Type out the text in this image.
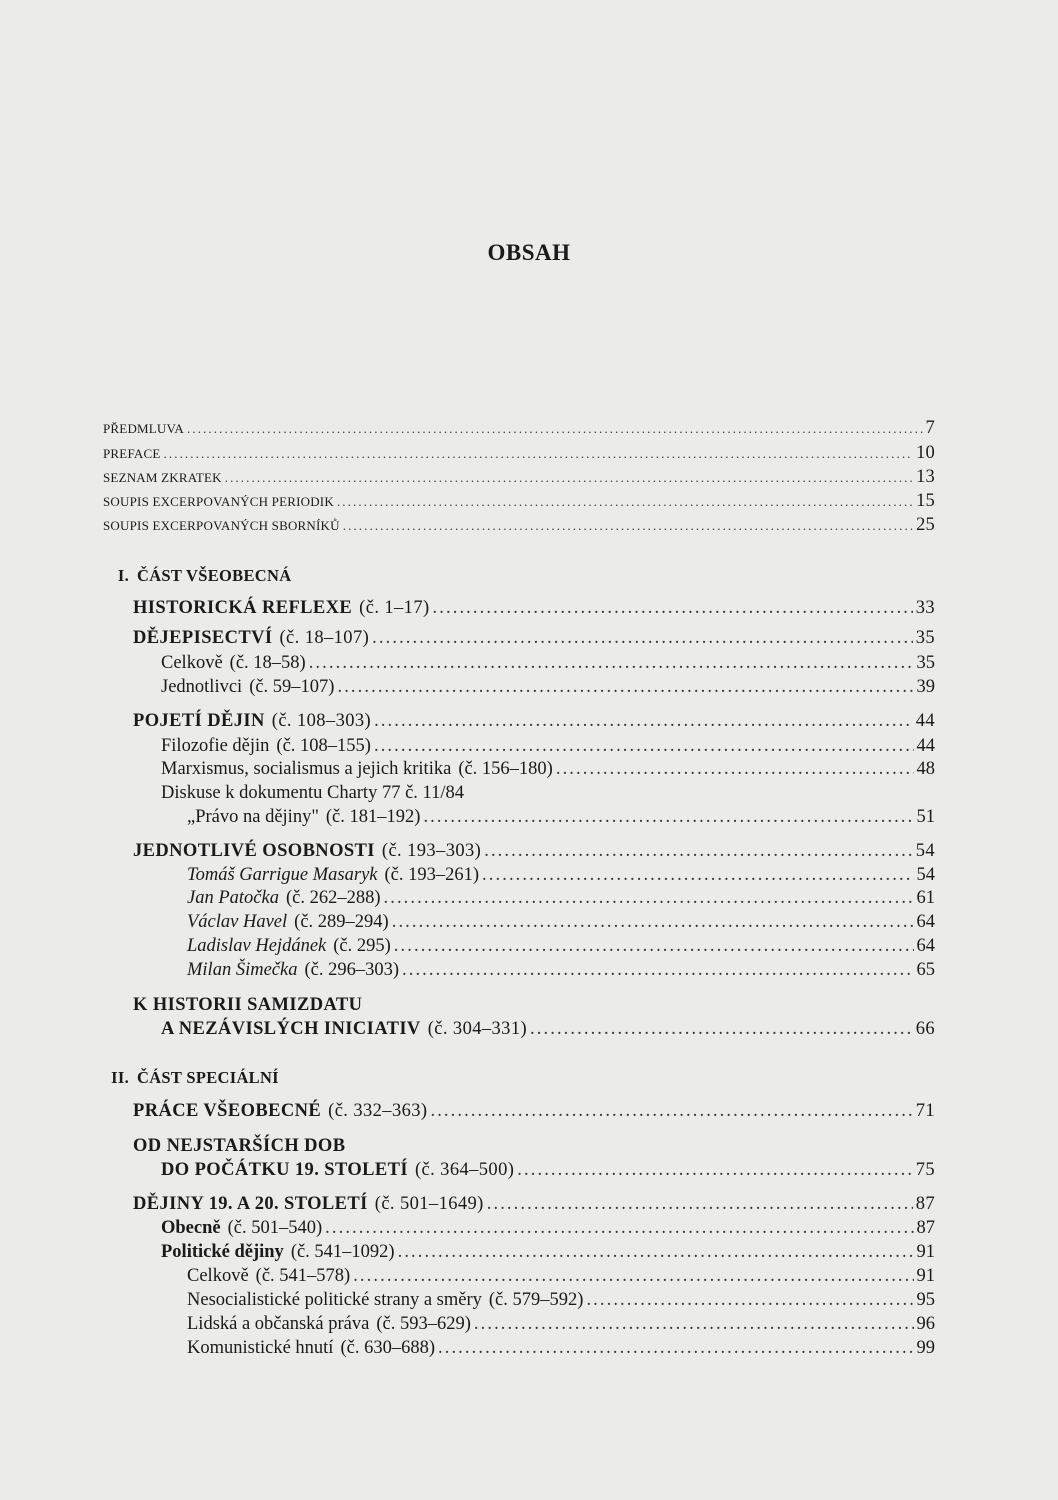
OBSAH
PŘEDMLUVA .....	7
PREFACE .....	10
SEZNAM ZKRATEK .....	13
SOUPIS EXCERPOVANÝCH PERIODIK .....	15
SOUPIS EXCERPOVANÝCH SBORNÍKŮ .....	25
I. ČÁST VŠEOBECNÁ
HISTORICKÁ REFLEXE (č. 1–17) .....	33
DĚJEPISECTVÍ (č. 18–107) .....	35
Celkově (č. 18–58) .....	35
Jednotlivci (č. 59–107) .....	39
POJETÍ DĚJIN (č. 108–303) .....	44
Filozofie dějin (č. 108–155) .....	44
Marxismus, socialismus a jejich kritika (č. 156–180) .....	48
Diskuse k dokumentu Charty 77 č. 11/84
„Právo na dějiny" (č. 181–192) .....	51
JEDNOTLIVÉ OSOBNOSTI (č. 193–303) .....	54
Tomáš Garrigue Masaryk (č. 193–261) .....	54
Jan Patočka (č. 262–288) .....	61
Václav Havel (č. 289–294) .....	64
Ladislav Hejdánek (č. 295) .....	64
Milan Šimečka (č. 296–303) .....	65
K HISTORII SAMIZDATU
A NEZÁVISLÝCH INICIATIV (č. 304–331) .....	66
II. ČÁST SPECIÁLNÍ
PRÁCE VŠEOBECNÉ (č. 332–363) .....	71
OD NEJSTARŠÍCH DOB
DO POČÁTKU 19. STOLETÍ (č. 364–500) .....	75
DĚJINY 19. A 20. STOLETÍ (č. 501–1649) .....	87
Obecně (č. 501–540) .....	87
Politické dějiny (č. 541–1092) .....	91
Celkově (č. 541–578) .....	91
Nesocialistické politické strany a směry (č. 579–592) .....	95
Lidská a občanská práva (č. 593–629) .....	96
Komunistické hnutí (č. 630–688) .....	99
